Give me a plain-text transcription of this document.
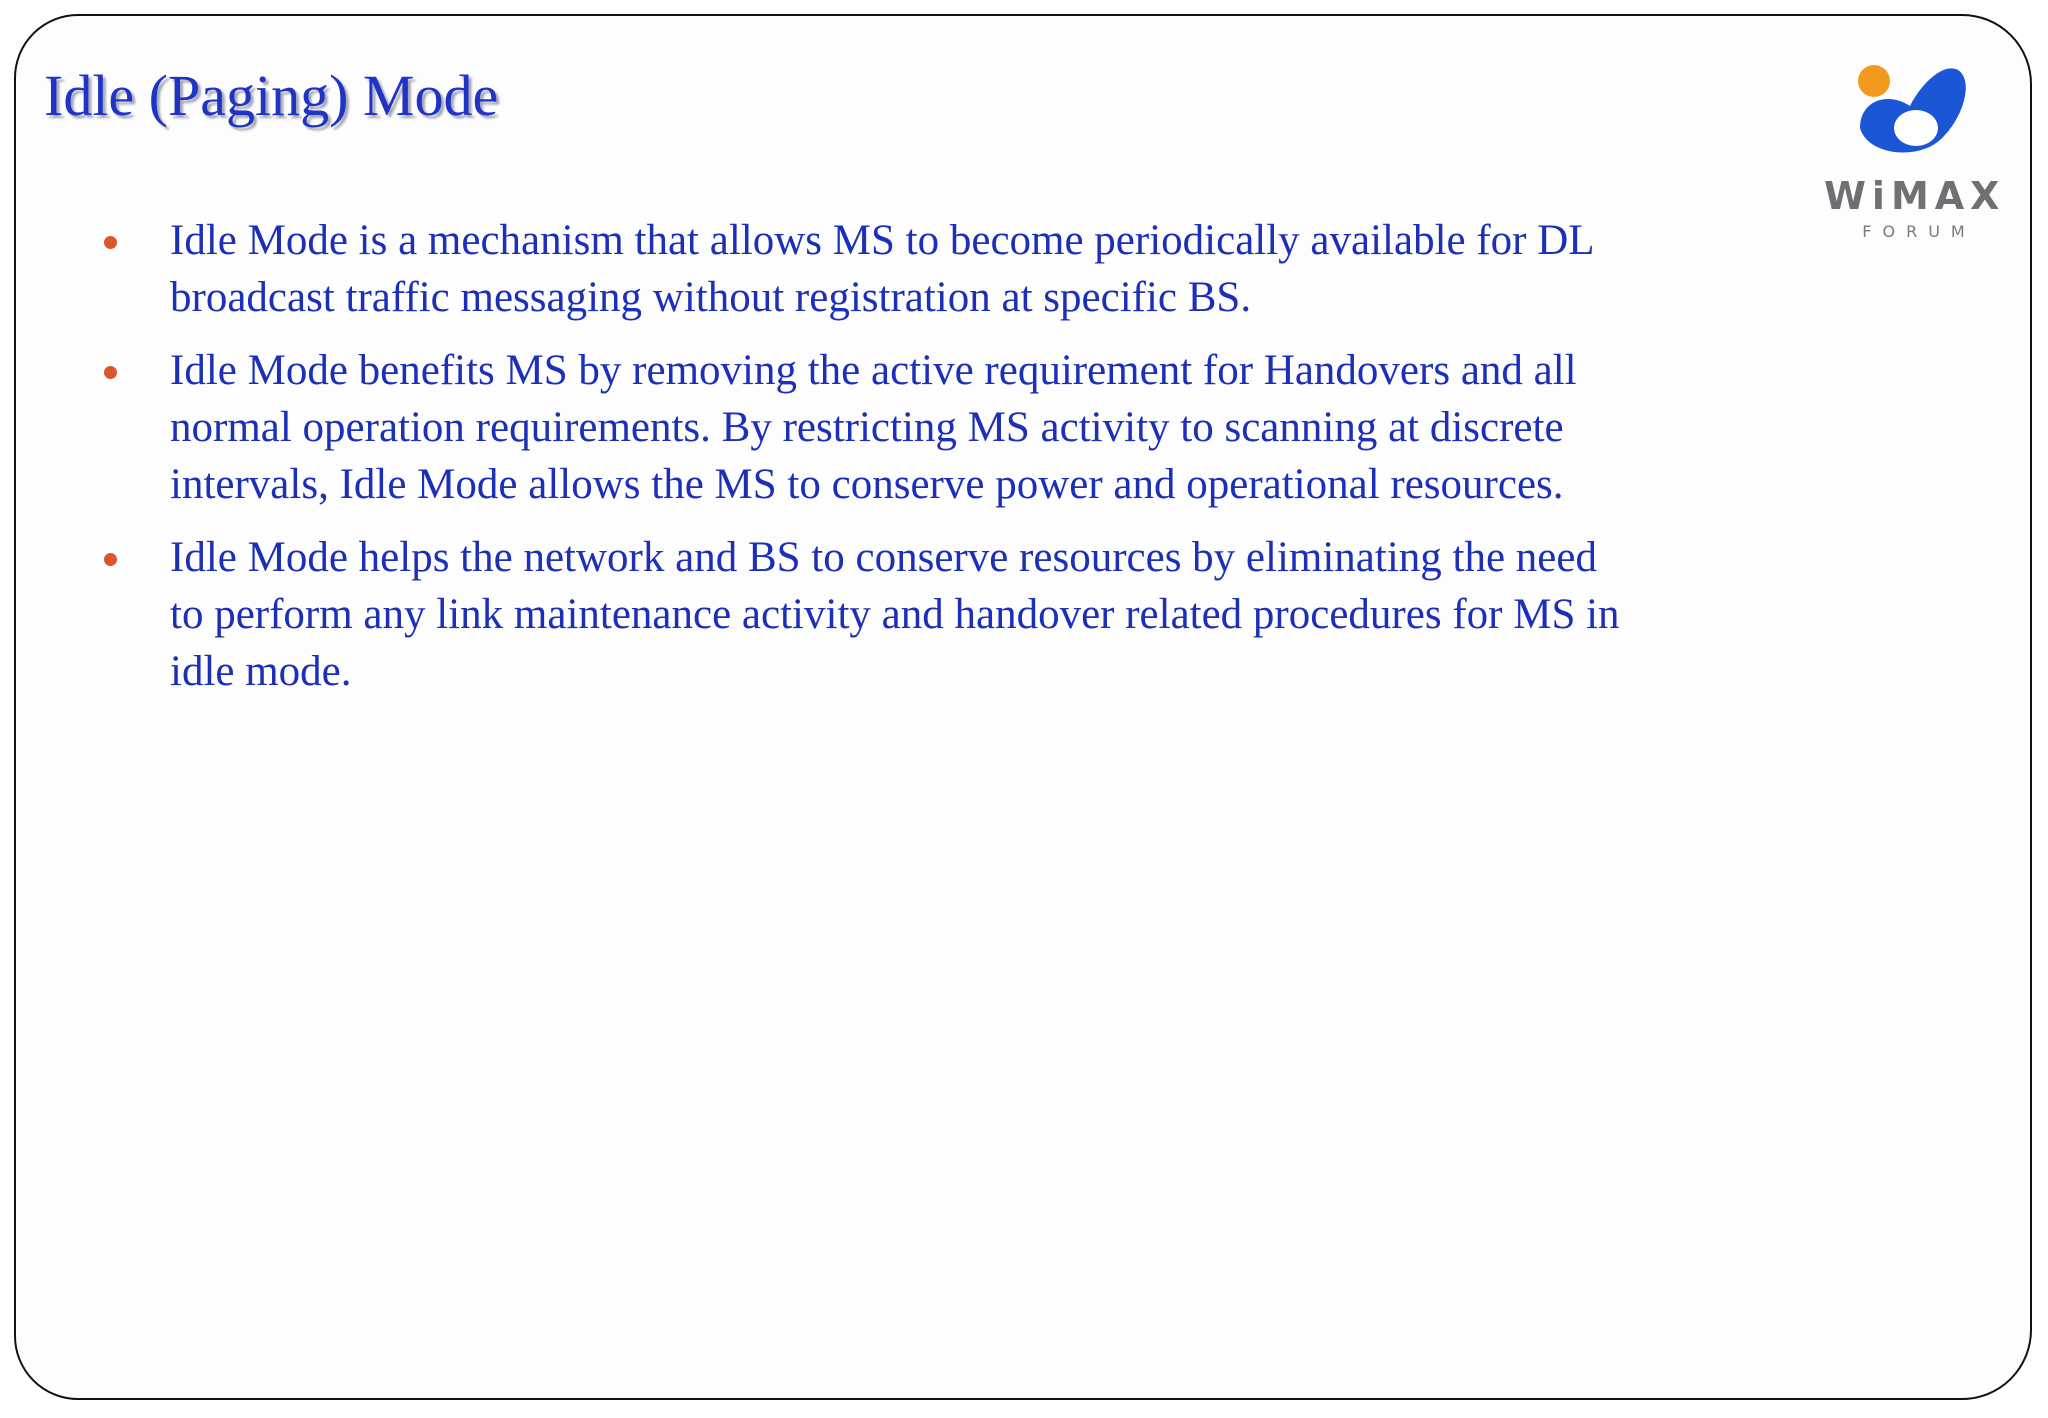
Idle (Paging) Mode
Idle Mode is a mechanism that allows MS to become periodically available for DL broadcast traffic messaging without registration at specific BS.
Idle Mode benefits MS by removing the active requirement for Handovers and all normal operation requirements. By restricting MS activity to scanning at discrete intervals, Idle Mode allows the MS to conserve power and operational resources.
Idle Mode helps the network and BS to conserve resources by eliminating the need to perform any link maintenance activity and handover related procedures for MS in idle mode.
WiMAX
FORUM
